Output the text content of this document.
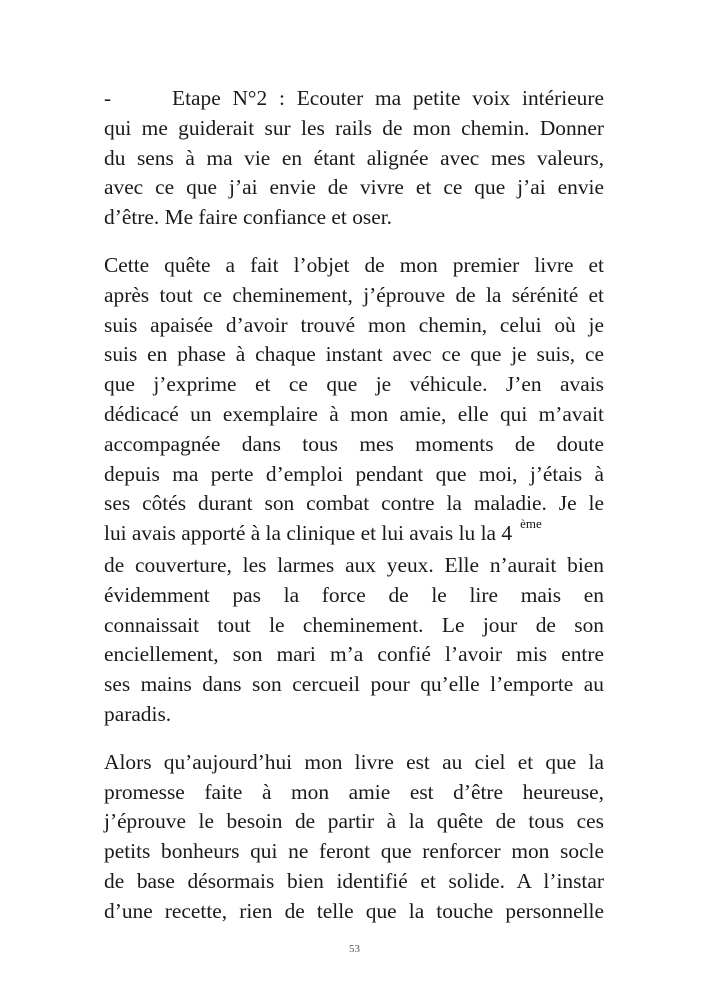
-	Etape N°2 : Ecouter ma petite voix intérieure
qui me guiderait sur les rails de mon chemin. Donner
du sens à ma vie en étant alignée avec mes valeurs,
avec ce que j’ai envie de vivre et ce que j’ai envie
d’être. Me faire confiance et oser.
Cette quête a fait l’objet de mon premier livre et
après tout ce cheminement, j’éprouve de la sérénité et
suis apaisée d’avoir trouvé mon chemin, celui où je
suis en phase à chaque instant avec ce que je suis, ce
que j’exprime et ce que je véhicule. J’en avais
dédicacé un exemplaire à mon amie, elle qui m’avait
accompagnée dans tous mes moments de doute
depuis ma perte d’emploi pendant que moi, j’étais à
ses côtés durant son combat contre la maladie. Je le
lui avais apporté à la clinique et lui avais lu la 4 $^{ème}$
de couverture, les larmes aux yeux. Elle n’aurait bien
évidemment pas la force de le lire mais en
connaissait tout le cheminement. Le jour de son
enciellement, son mari m’a confié l’avoir mis entre
ses mains dans son cercueil pour qu’elle l’emporte au
paradis.
Alors qu’aujourd’hui mon livre est au ciel et que la
promesse faite à mon amie est d’être heureuse,
j’éprouve le besoin de partir à la quête de tous ces
petits bonheurs qui ne feront que renforcer mon socle
de base désormais bien identifié et solide. A l’instar
d’une recette, rien de telle que la touche personnelle
53
